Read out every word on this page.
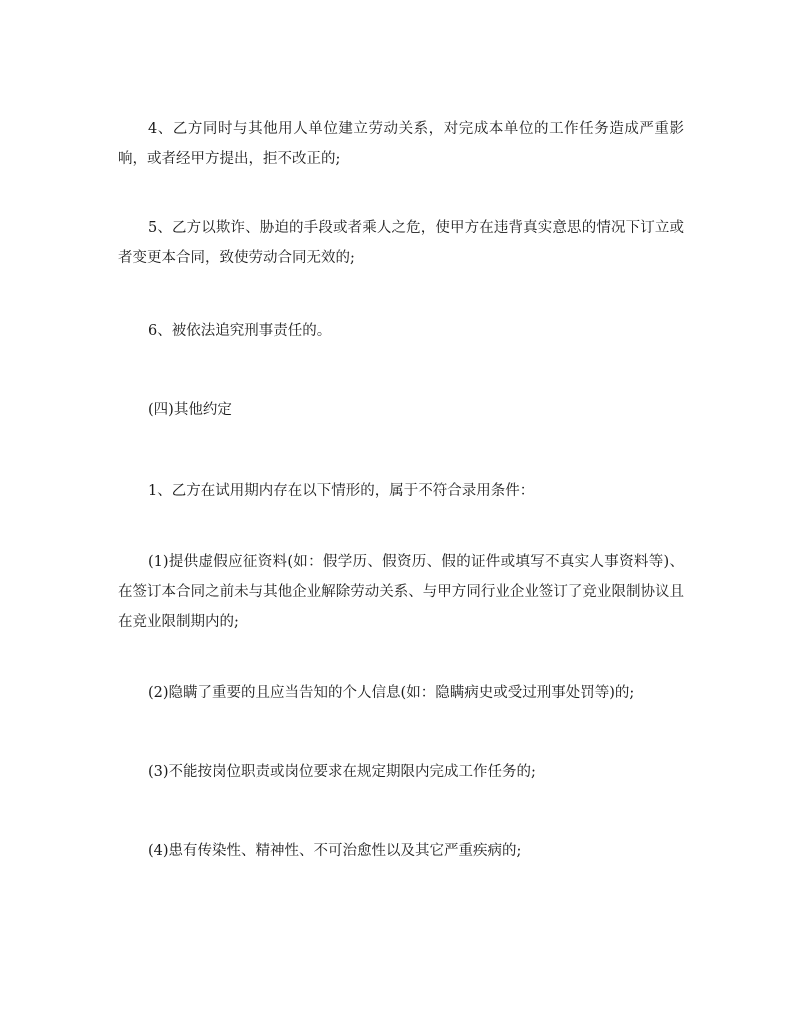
4、乙方同时与其他用人单位建立劳动关系，对完成本单位的工作任务造成严重影响，或者经甲方提出，拒不改正的;

5、乙方以欺诈、胁迫的手段或者乘人之危，使甲方在违背真实意思的情况下订立或者变更本合同，致使劳动合同无效的;

6、被依法追究刑事责任的。

(四)其他约定

1、乙方在试用期内存在以下情形的，属于不符合录用条件：

(1)提供虚假应征资料(如：假学历、假资历、假的证件或填写不真实人事资料等)、在签订本合同之前未与其他企业解除劳动关系、与甲方同行业企业签订了竞业限制协议且在竞业限制期内的;

(2)隐瞒了重要的且应当告知的个人信息(如：隐瞒病史或受过刑事处罚等)的;

(3)不能按岗位职责或岗位要求在规定期限内完成工作任务的;

(4)患有传染性、精神性、不可治愈性以及其它严重疾病的;
